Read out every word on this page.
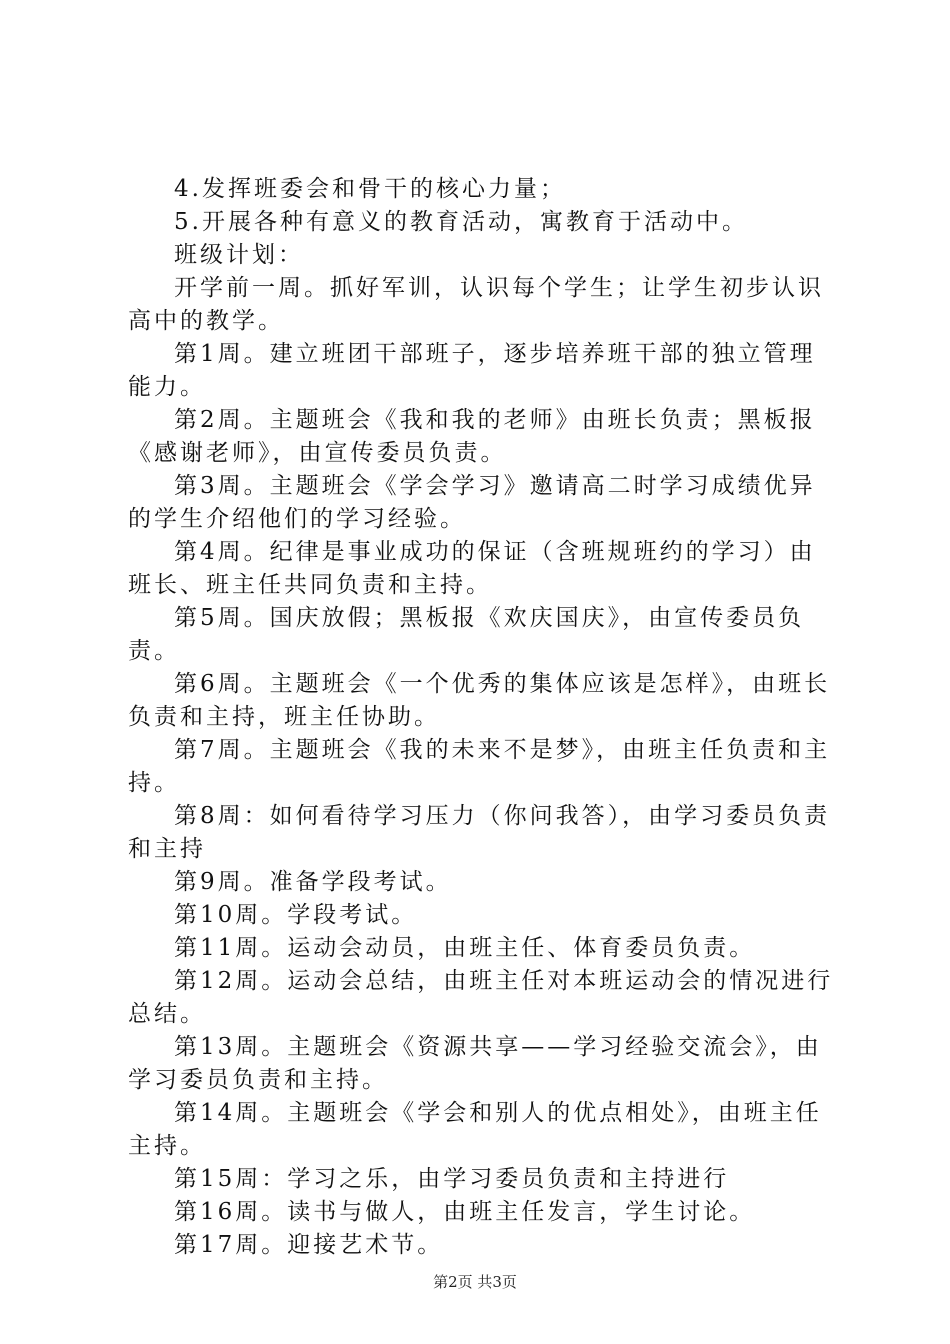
4.发挥班委会和骨干的核心力量；

5.开展各种有意义的教育活动，寓教育于活动中。

班级计划：

开学前一周。抓好军训，认识每个学生；让学生初步认识高中的教学。

第1周。建立班团干部班子，逐步培养班干部的独立管理能力。

第2周。主题班会《我和我的老师》由班长负责；黑板报《感谢老师》，由宣传委员负责。

第3周。主题班会《学会学习》邀请高二时学习成绩优异的学生介绍他们的学习经验。

第4周。纪律是事业成功的保证（含班规班约的学习）由班长、班主任共同负责和主持。

第5周。国庆放假；黑板报《欢庆国庆》，由宣传委员负责。

第6周。主题班会《一个优秀的集体应该是怎样》，由班长负责和主持，班主任协助。

第7周。主题班会《我的未来不是梦》，由班主任负责和主持。

第8周：如何看待学习压力（你问我答），由学习委员负责和主持

第9周。准备学段考试。

第10周。学段考试。

第11周。运动会动员，由班主任、体育委员负责。

第12周。运动会总结，由班主任对本班运动会的情况进行总结。

第13周。主题班会《资源共享——学习经验交流会》，由学习委员负责和主持。

第14周。主题班会《学会和别人的优点相处》，由班主任主持。

第15周：学习之乐，由学习委员负责和主持进行

第16周。读书与做人，由班主任发言，学生讨论。

第17周。迎接艺术节。

第2页 共3页
